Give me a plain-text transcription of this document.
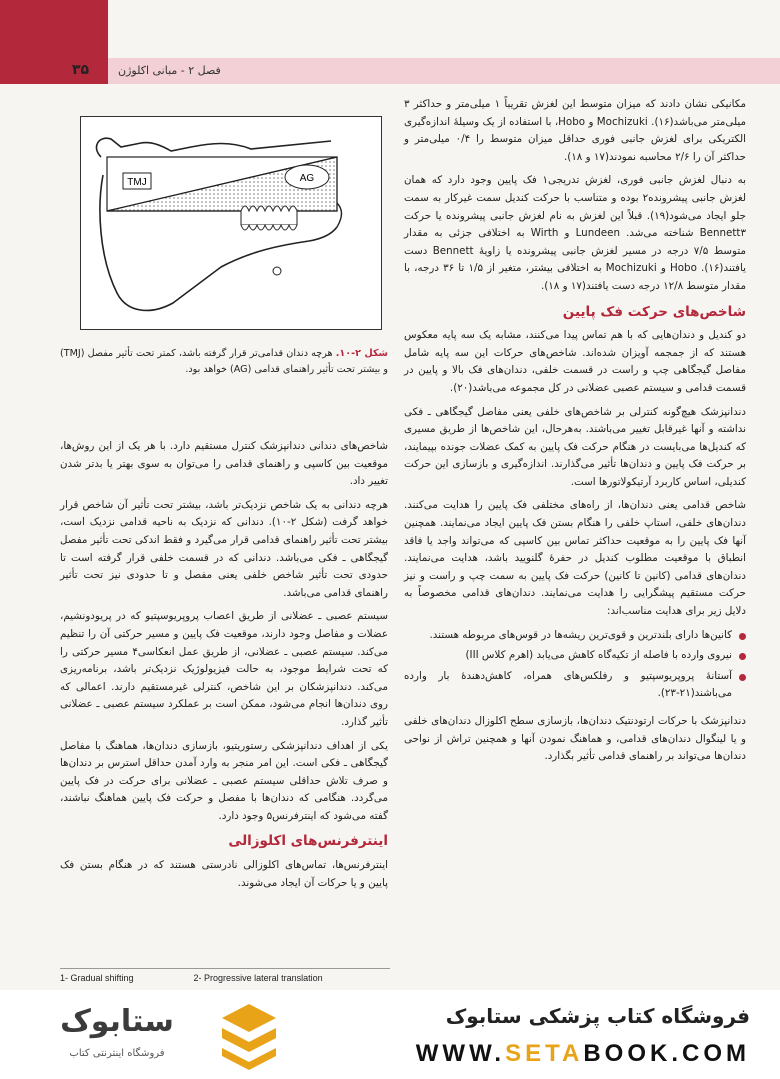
۳۵	فصل ۲ - مبانی اکلوژن
TMJ	AG
شکل ۲-۱۰. هرچه دندان قدامی‌تر قرار گرفته باشد، کمتر تحت تأثیر مفصل (TMJ) و بیشتر تحت تأثیر راهنمای قدامی (AG) خواهد بود.

مکانیکی نشان دادند که میزان متوسط این لغزش تقریباً ۱ میلی‌متر و حداکثر ۳ میلی‌متر می‌باشد(۱۶). Mochizuki و Hobo، با استفاده از یک وسیلهٔ اندازه‌گیری الکتریکی برای لغزش جانبی فوری حداقل میزان متوسط را ۰/۴ میلی‌متر و حداکثر آن را ۲/۶ محاسبه نمودند(۱۷ و ۱۸).

به دنبال لغزش جانبی فوری، لغزش تدریجی۱ فک پایین وجود دارد که همان لغزش جانبی پیشرونده۲ بوده و متناسب با حرکت کندیل سمت غیرکار به سمت جلو ایجاد می‌شود(۱۹). قبلاً این لغزش به نام لغزش جانبی پیشرونده یا حرکت Bennett۳ شناخته می‌شد. Lundeen و Wirth به اختلافی جزئی به مقدار متوسط ۷/۵ درجه در مسیر لغزش جانبی پیشرونده یا زاویهٔ Bennett دست یافتند(۱۶). Hobo و Mochizuki به اختلافی بیشتر، متغیر از ۱/۵ تا ۳۶ درجه، با مقدار متوسط ۱۲/۸ درجه دست یافتند(۱۷ و ۱۸).

شاخص‌های حرکت فک پایین

دو کندیل و دندان‌هایی که با هم تماس پیدا می‌کنند، مشابه یک سه پایه معکوس هستند که از جمجمه آویزان شده‌اند. شاخص‌های حرکات این سه پایه شامل مفاصل گیجگاهی چپ و راست در قسمت خلفی، دندان‌های فک بالا و پایین در قسمت قدامی و سیستم عصبی عضلانی در کل مجموعه می‌باشد(۲۰).

دندانپزشک هیچ‌گونه کنترلی بر شاخص‌های خلفی یعنی مفاصل گیجگاهی ـ فکی نداشته و آنها غیرقابل تغییر می‌باشند. به‌هرحال، این شاخص‌ها از طریق مسیری که کندیل‌ها می‌بایست در هنگام حرکت فک پایین به کمک عضلات جونده بپیمایند، بر حرکت فک پایین و دندان‌ها تأثیر می‌گذارند. اندازه‌گیری و بازسازی این حرکت کندیلی، اساس کاربرد آرتیکولاتورها است.

شاخص قدامی یعنی دندان‌ها، از راه‌های مختلفی فک پایین را هدایت می‌کنند. دندان‌های خلفی، استاپ خلفی را هنگام بستن فک پایین ایجاد می‌نمایند. همچنین آنها فک پایین را به موقعیت حداکثر تماس بین کاسپی که می‌تواند واجد یا فاقد انطباق با موقعیت مطلوب کندیل در حفرهٔ گلنویید باشد، هدایت می‌نمایند. دندان‌های قدامی (کانین تا کانین) حرکت فک پایین به سمت چپ و راست و نیز حرکت مستقیم پیشگرایی را هدایت می‌نمایند. دندان‌های قدامی مخصوصاً به دلایل زیر برای هدایت مناسب‌اند:

کانین‌ها دارای بلندترین و قوی‌ترین ریشه‌ها در قوس‌های مربوطه هستند.
نیروی وارده با فاصله از تکیه‌گاه کاهش می‌یابد (اهرم کلاس III)
آستانهٔ پروپریوسپتیو و رفلکس‌های همراه، کاهش‌دهندهٔ بار وارده می‌باشند(۲۱-۲۳).

دندانپزشک با حرکات ارتودنتیک دندان‌ها، بازسازی سطح اکلوزال دندان‌های خلفی و یا لینگوال دندان‌های قدامی، و هماهنگ نمودن آنها و همچنین تراش از نواحی دندان‌ها می‌تواند بر راهنمای قدامی تأثیر بگذارد.

شاخص‌های دندانی دندانپزشک کنترل مستقیم دارد. با هر یک از این روش‌ها، موقعیت بین کاسپی و راهنمای قدامی را می‌توان به سوی بهتر یا بدتر شدن تغییر داد.

هرچه دندانی به یک شاخص نزدیک‌تر باشد، بیشتر تحت تأثیر آن شاخص قرار خواهد گرفت (شکل ۲-۱۰). دندانی که نزدیک به ناحیه قدامی نزدیک است، بیشتر تحت تأثیر راهنمای قدامی قرار می‌گیرد و فقط اندکی تحت تأثیر مفصل گیجگاهی ـ فکی می‌باشد. دندانی که در قسمت خلفی قرار گرفته است تا حدودی تحت تأثیر شاخص خلفی یعنی مفصل و تا حدودی نیز تحت تأثیر راهنمای قدامی می‌باشد.

سیستم عصبی ـ عضلانی از طریق اعصاب پروپریوسپتیو که در پریودونشیم، عضلات و مفاصل وجود دارند، موقعیت فک پایین و مسیر حرکتی آن را تنظیم می‌کند. سیستم عصبی ـ عضلانی، از طریق عمل انعکاسی۴ مسیر حرکتی را که تحت شرایط موجود، به حالت فیزیولوژیک نزدیک‌تر باشد، برنامه‌ریزی می‌کند. دندانپزشکان بر این شاخص، کنترلی غیرمستقیم دارند. اعمالی که روی دندان‌ها انجام می‌شود، ممکن است بر عملکرد سیستم عصبی ـ عضلانی تأثیر گذارد.

یکی از اهداف دندانپزشکی رستوریتیو، بازسازی دندان‌ها، هماهنگ با مفاصل گیجگاهی ـ فکی است. این امر منجر به وارد آمدن حداقل استرس بر دندان‌ها و صرف تلاش حداقلی سیستم عصبی ـ عضلانی برای حرکت در فک پایین می‌گردد. هنگامی که دندان‌ها با مفصل و حرکت فک پایین هماهنگ نباشند، گفته می‌شود که اینترفرنس۵ وجود دارد.

اینترفرنس‌های اکلوزالی

اینترفرنس‌ها، تماس‌های اکلوزالی نادرستی هستند که در هنگام بستن فک پایین و یا حرکات آن ایجاد می‌شوند.

1- Gradual shifting	2- Progressive lateral translation
ستابوک
فروشگاه اینترنتی کتاب
فروشگاه کتاب پزشکی ستابوک
WWW.SETABOOK.COM
